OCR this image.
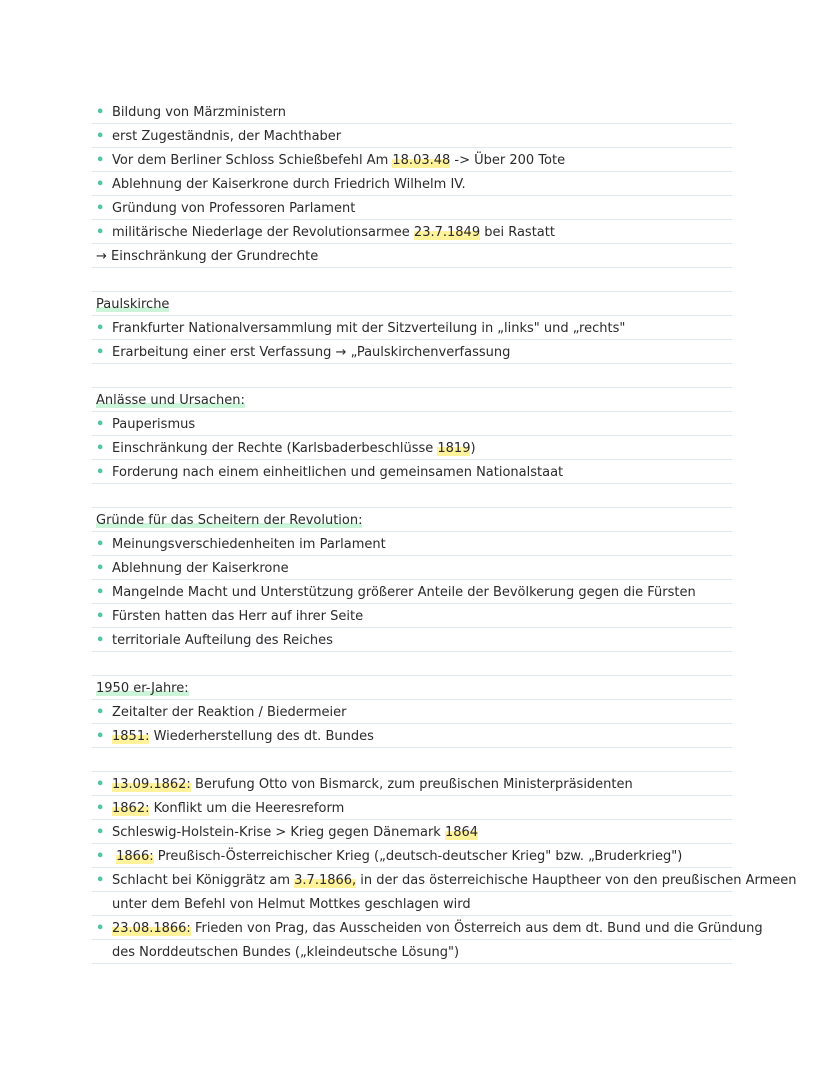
• Bildung von Märzministern
• erst Zugeständnis, der Machthaber
• Vor dem Berliner Schloss Schießbefehl Am 18.03.48 -> Über 200 Tote
• Ablehnung der Kaiserkrone durch Friedrich Wilhelm IV.
• Gründung von Professoren Parlament
• militärische Niederlage der Revolutionsarmee 23.7.1849 bei Rastatt
→ Einschränkung der Grundrechte
Paulskirche
• Frankfurter Nationalversammlung mit der Sitzverteilung in „links" und „rechts"
• Erarbeitung einer erst Verfassung → „Paulskirchenverfassung
Anlässe und Ursachen:
• Pauperismus
• Einschränkung der Rechte (Karlsbaderbeschlüsse 1819)
• Forderung nach einem einheitlichen und gemeinsamen Nationalstaat
Gründe für das Scheitern der Revolution:
• Meinungsverschiedenheiten im Parlament
• Ablehnung der Kaiserkrone
• Mangelnde Macht und Unterstützung größerer Anteile der Bevölkerung gegen die Fürsten
• Fürsten hatten das Herr auf ihrer Seite
• territoriale Aufteilung des Reiches
1950 er-Jahre:
• Zeitalter der Reaktion / Biedermeier
• 1851: Wiederherstellung des dt. Bundes
• 13.09.1862: Berufung Otto von Bismarck, zum preußischen Ministerpräsidenten
• 1862: Konflikt um die Heeresreform
• Schleswig-Holstein-Krise > Krieg gegen Dänemark 1864
• 1866: Preußisch-Österreichischer Krieg („deutsch-deutscher Krieg" bzw. „Bruderkrieg")
• Schlacht bei Königgrätz am 3.7.1866, in der das österreichische Hauptheer von den preußischen Armeen
unter dem Befehl von Helmut Mottkes geschlagen wird
• 23.08.1866: Frieden von Prag, das Ausscheiden von Österreich aus dem dt. Bund und die Gründung
des Norddeutschen Bundes („kleindeutsche Lösung")
